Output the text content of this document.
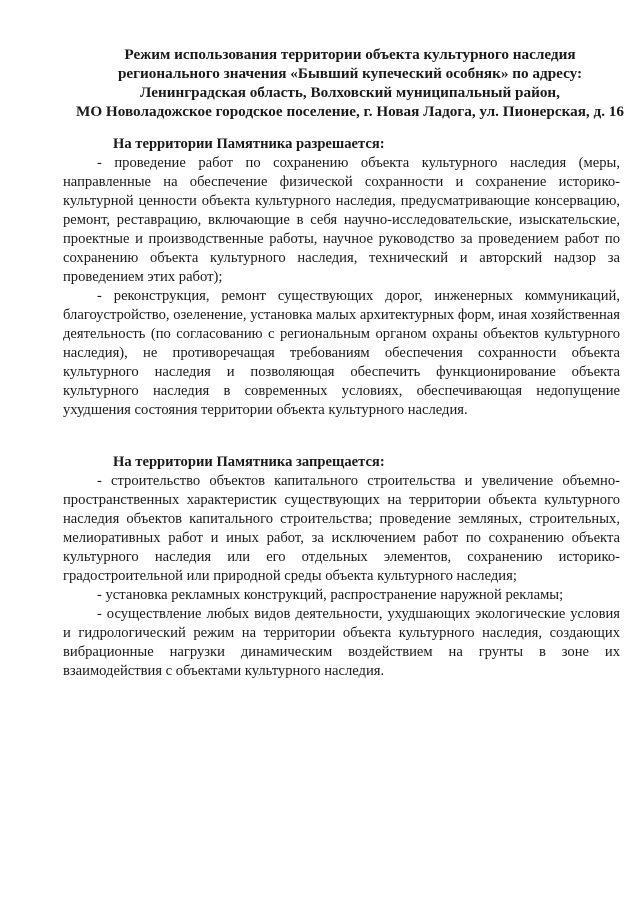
Режим использования территории объекта культурного наследия
регионального значения «Бывший купеческий особняк» по адресу:
Ленинградская область, Волховский муниципальный район,
МО Новоладожское городское поселение, г. Новая Ладога, ул. Пионерская, д. 16

На территории Памятника разрешается:

- проведение работ по сохранению объекта культурного наследия (меры, направленные на обеспечение физической сохранности и сохранение историко-культурной ценности объекта культурного наследия, предусматривающие консервацию, ремонт, реставрацию, включающие в себя научно-исследовательские, изыскательские, проектные и производственные работы, научное руководство за проведением работ по сохранению объекта культурного наследия, технический и авторский надзор за проведением этих работ);

- реконструкция, ремонт существующих дорог, инженерных коммуникаций, благоустройство, озеленение, установка малых архитектурных форм, иная хозяйственная деятельность (по согласованию с региональным органом охраны объектов культурного наследия), не противоречащая требованиям обеспечения сохранности объекта культурного наследия и позволяющая обеспечить функционирование объекта культурного наследия в современных условиях, обеспечивающая недопущение ухудшения состояния территории объекта культурного наследия.

На территории Памятника запрещается:

- строительство объектов капитального строительства и увеличение объемно-пространственных характеристик существующих на территории объекта культурного наследия объектов капитального строительства; проведение земляных, строительных, мелиоративных работ и иных работ, за исключением работ по сохранению объекта культурного наследия или его отдельных элементов, сохранению историко-градостроительной или природной среды объекта культурного наследия;

- установка рекламных конструкций, распространение наружной рекламы;

- осуществление любых видов деятельности, ухудшающих экологические условия и гидрологический режим на территории объекта культурного наследия, создающих вибрационные нагрузки динамическим воздействием на грунты в зоне их взаимодействия с объектами культурного наследия.
